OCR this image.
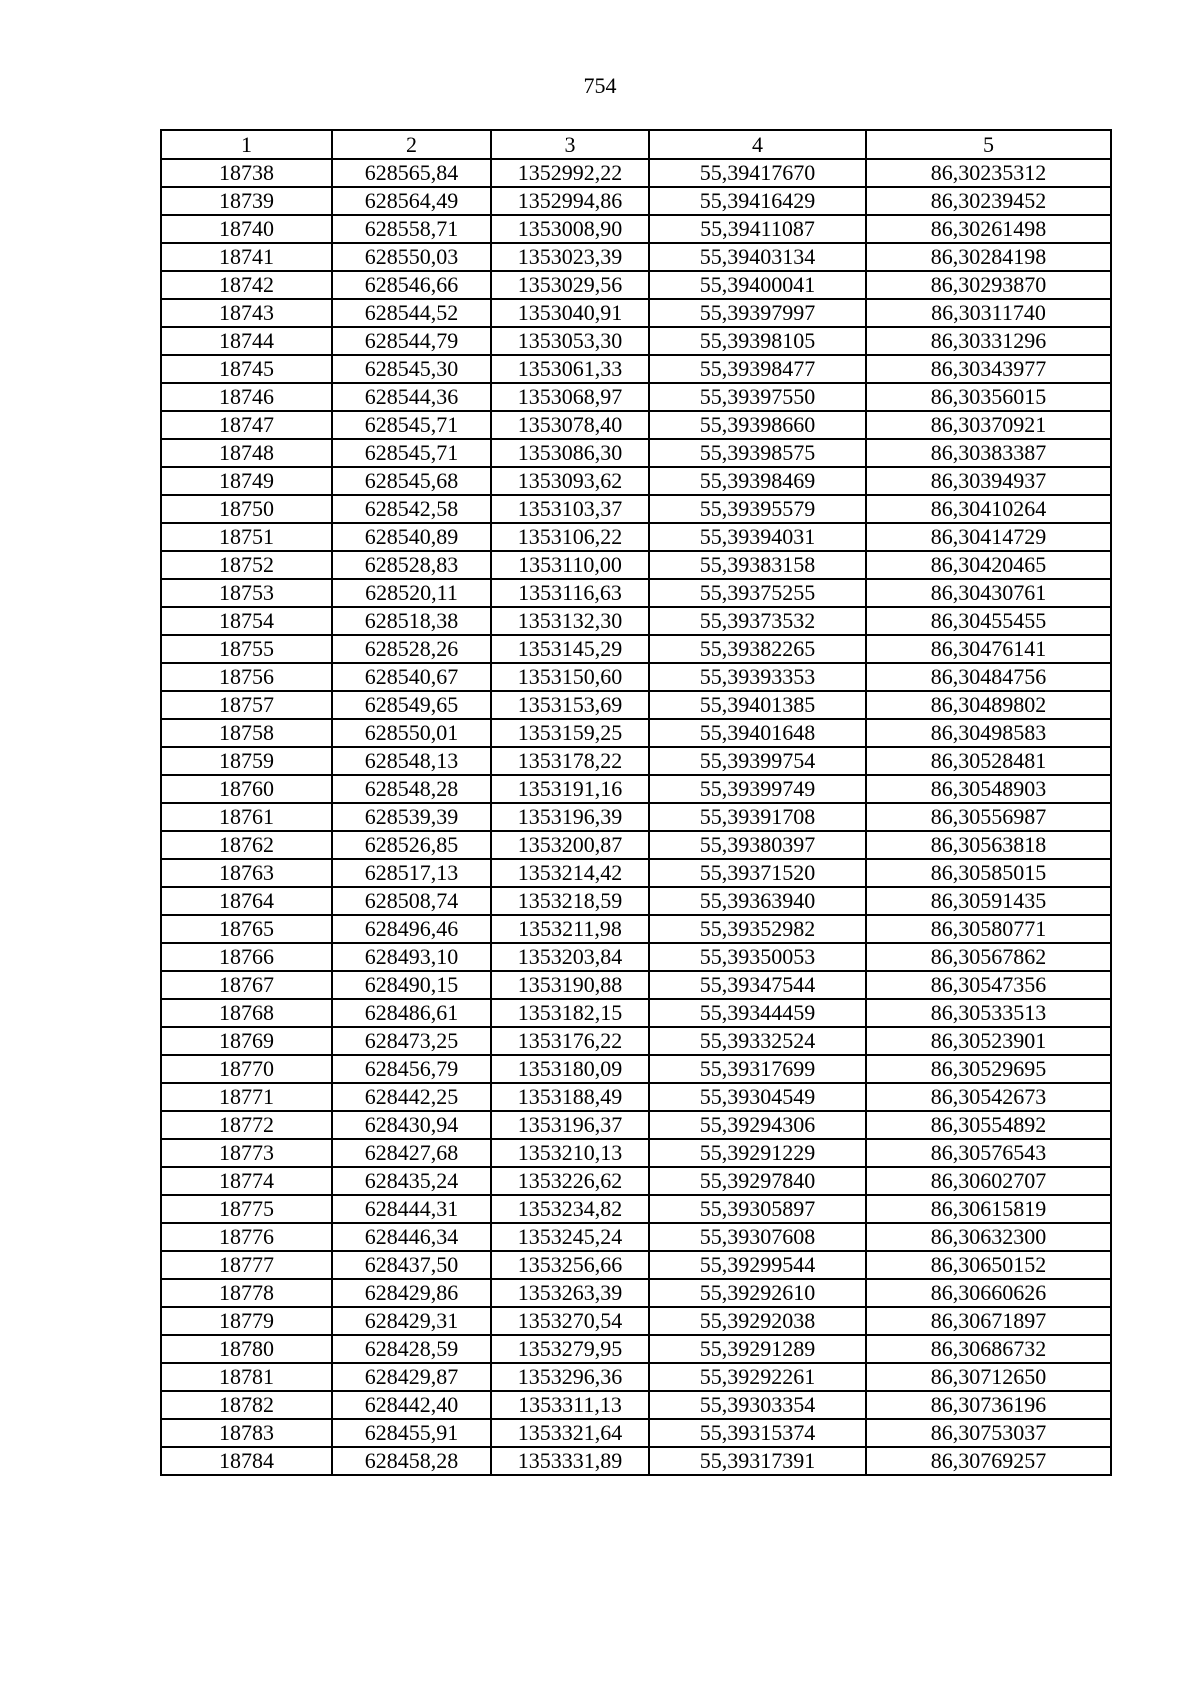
754
1	2	3	4	5
18738	628565,84	1352992,22	55,39417670	86,30235312
18739	628564,49	1352994,86	55,39416429	86,30239452
18740	628558,71	1353008,90	55,39411087	86,30261498
18741	628550,03	1353023,39	55,39403134	86,30284198
18742	628546,66	1353029,56	55,39400041	86,30293870
18743	628544,52	1353040,91	55,39397997	86,30311740
18744	628544,79	1353053,30	55,39398105	86,30331296
18745	628545,30	1353061,33	55,39398477	86,30343977
18746	628544,36	1353068,97	55,39397550	86,30356015
18747	628545,71	1353078,40	55,39398660	86,30370921
18748	628545,71	1353086,30	55,39398575	86,30383387
18749	628545,68	1353093,62	55,39398469	86,30394937
18750	628542,58	1353103,37	55,39395579	86,30410264
18751	628540,89	1353106,22	55,39394031	86,30414729
18752	628528,83	1353110,00	55,39383158	86,30420465
18753	628520,11	1353116,63	55,39375255	86,30430761
18754	628518,38	1353132,30	55,39373532	86,30455455
18755	628528,26	1353145,29	55,39382265	86,30476141
18756	628540,67	1353150,60	55,39393353	86,30484756
18757	628549,65	1353153,69	55,39401385	86,30489802
18758	628550,01	1353159,25	55,39401648	86,30498583
18759	628548,13	1353178,22	55,39399754	86,30528481
18760	628548,28	1353191,16	55,39399749	86,30548903
18761	628539,39	1353196,39	55,39391708	86,30556987
18762	628526,85	1353200,87	55,39380397	86,30563818
18763	628517,13	1353214,42	55,39371520	86,30585015
18764	628508,74	1353218,59	55,39363940	86,30591435
18765	628496,46	1353211,98	55,39352982	86,30580771
18766	628493,10	1353203,84	55,39350053	86,30567862
18767	628490,15	1353190,88	55,39347544	86,30547356
18768	628486,61	1353182,15	55,39344459	86,30533513
18769	628473,25	1353176,22	55,39332524	86,30523901
18770	628456,79	1353180,09	55,39317699	86,30529695
18771	628442,25	1353188,49	55,39304549	86,30542673
18772	628430,94	1353196,37	55,39294306	86,30554892
18773	628427,68	1353210,13	55,39291229	86,30576543
18774	628435,24	1353226,62	55,39297840	86,30602707
18775	628444,31	1353234,82	55,39305897	86,30615819
18776	628446,34	1353245,24	55,39307608	86,30632300
18777	628437,50	1353256,66	55,39299544	86,30650152
18778	628429,86	1353263,39	55,39292610	86,30660626
18779	628429,31	1353270,54	55,39292038	86,30671897
18780	628428,59	1353279,95	55,39291289	86,30686732
18781	628429,87	1353296,36	55,39292261	86,30712650
18782	628442,40	1353311,13	55,39303354	86,30736196
18783	628455,91	1353321,64	55,39315374	86,30753037
18784	628458,28	1353331,89	55,39317391	86,30769257
